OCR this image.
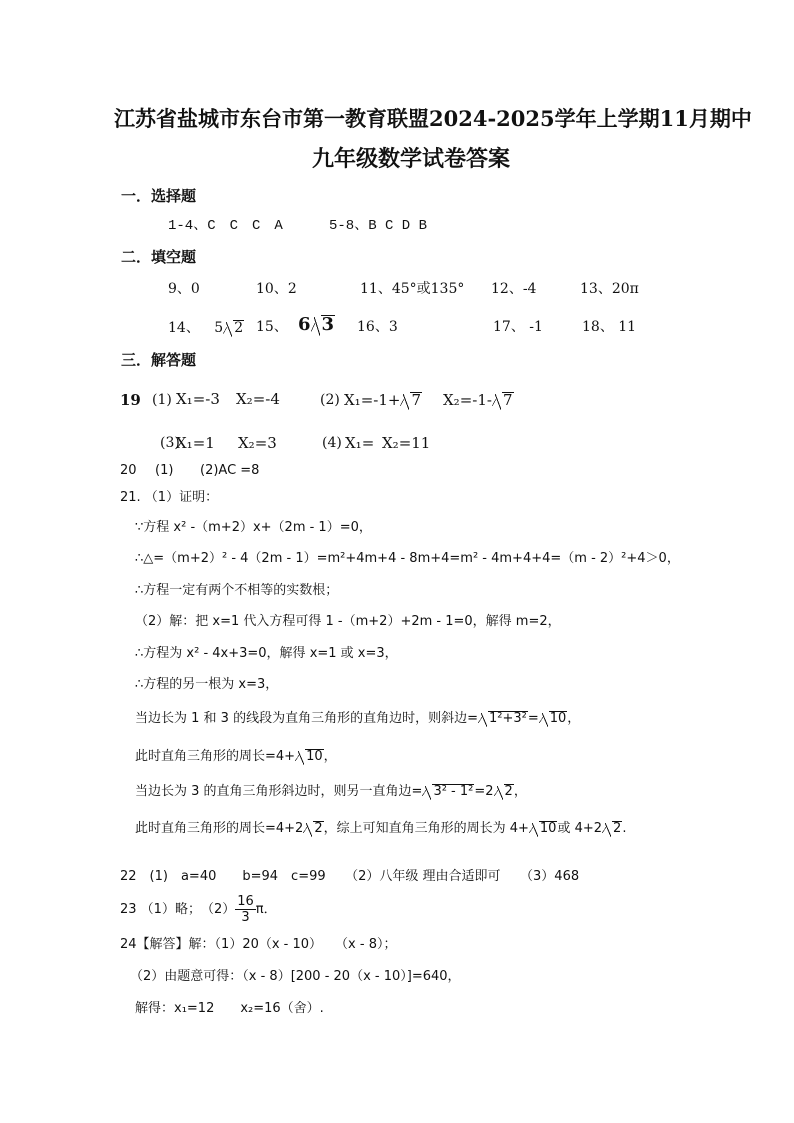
江苏省盐城市东台市第一教育联盟2024-2025学年上学期11月期中
九年级数学试卷答案
一．选择题
1-4、C　C　C　A	5-8、B C D B
二．填空题
9、0	10、2	11、45°或135° 12、-4	13、20π
14、 5 2 15、 6 3 16、3	17、 -1	18、 11
三．解答题
19 (1) X₁=-3 X₂=-4	(2) X₁=-1+ 7 X₂=-1- 7
(3)
X₁=1 X₂=3	(4) X₁= X₂=11
20 (1) (2)AC =8
21. （1）证明：
∵方程 x² -（m+2）x+（2m - 1）=0，
∴△=（m+2）² - 4（2m - 1）=m²+4m+4 - 8m+4=m² - 4m+4+4=（m - 2）²+4＞0，
∴方程一定有两个不相等的实数根；
（2）解：把 x=1 代入方程可得 1 -（m+2）+2m - 1=0，解得 m=2，
∴方程为 x² - 4x+3=0，解得 x=1 或 x=3，
∴方程的另一根为 x=3，
当边长为 1 和 3 的线段为直角三角形的直角边时，则斜边= 1²+3²= 10，
此时直角三角形的周长=4+ 10，
当边长为 3 的直角三角形斜边时，则另一直角边= 3² - 1²=2 2，
此时直角三角形的周长=4+2 2，综上可知直角三角形的周长为 4+ 10或 4+2 2.
22　(1)　a=40　　b=94　c=99　　（2）八年级 理由合适即可　　（3）468
23 （1）略；　$(2) \frac{16}{3}$ π．
24【解答】解：（1）20（x - 10）　　（x - 8）；
（2）由题意可得：（x - 8）[200 - 20（x - 10）]=640，
解得：x₁=12　　x₂=16（舍）.
